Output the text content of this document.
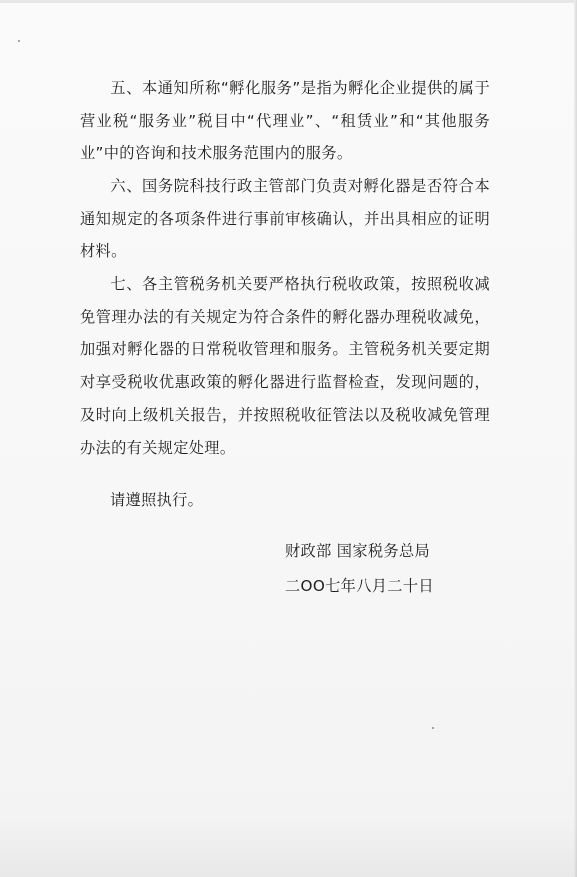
五、本通知所称“孵化服务”是指为孵化企业提供的属于营业税“服务业”税目中“代理业”、“租赁业”和“其他服务业”中的咨询和技术服务范围内的服务。

六、国务院科技行政主管部门负责对孵化器是否符合本通知规定的各项条件进行事前审核确认，并出具相应的证明材料。

七、各主管税务机关要严格执行税收政策，按照税收减免管理办法的有关规定为符合条件的孵化器办理税收减免，加强对孵化器的日常税收管理和服务。主管税务机关要定期对享受税收优惠政策的孵化器进行监督检查，发现问题的，及时向上级机关报告，并按照税收征管法以及税收减免管理办法的有关规定处理。

请遵照执行。

财政部 国家税务总局

二OO七年八月二十日
